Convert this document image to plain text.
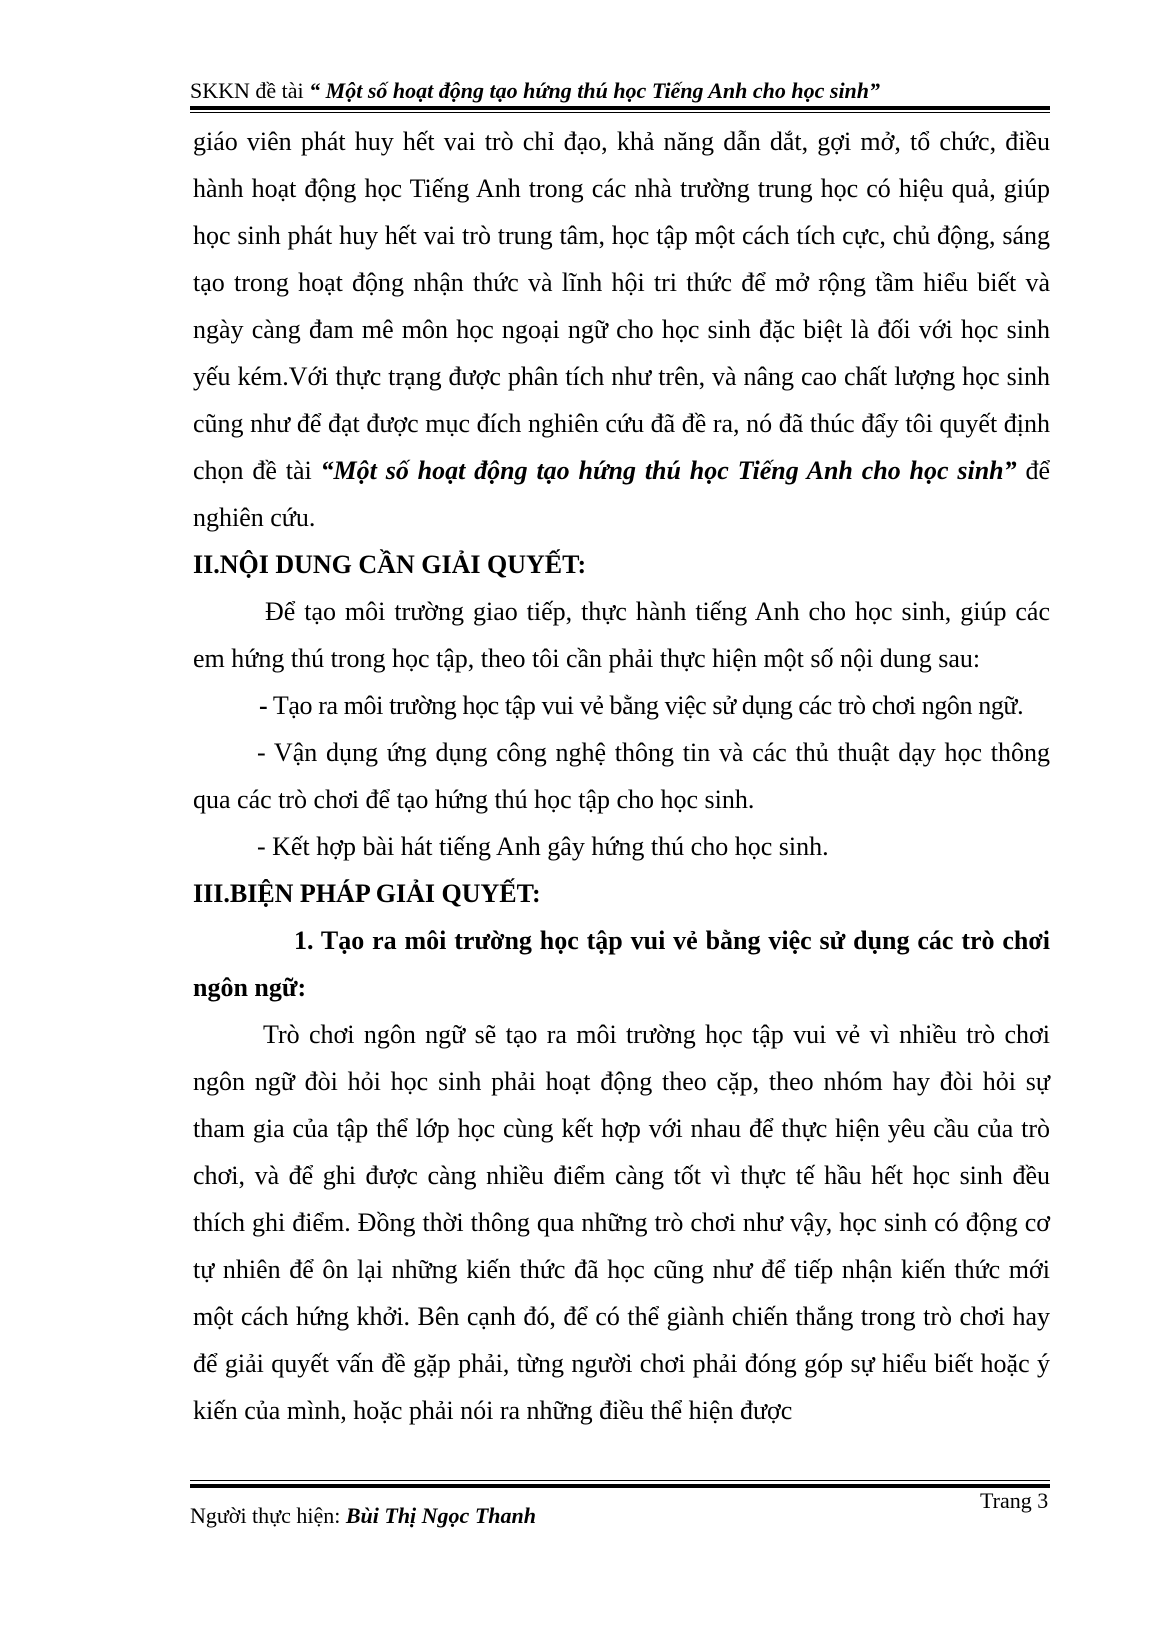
SKKN đề tài “ Một số hoạt động tạo hứng thú học Tiếng Anh cho học sinh”

giáo viên phát huy hết vai trò chỉ đạo, khả năng dẫn dắt, gợi mở, tổ chức, điều hành hoạt động học Tiếng Anh trong các nhà trường trung học có hiệu quả, giúp học sinh phát huy hết vai trò trung tâm, học tập một cách tích cực, chủ động, sáng tạo trong hoạt động nhận thức và lĩnh hội tri thức để mở rộng tầm hiểu biết và ngày càng đam mê môn học ngoại ngữ cho học sinh đặc biệt là đối với học sinh yếu kém.Với thực trạng được phân tích như trên, và nâng cao chất lượng học sinh cũng như để đạt được mục đích nghiên cứu đã đề ra, nó đã thúc đẩy tôi quyết định chọn đề tài “Một số hoạt động tạo hứng thú học Tiếng Anh cho học sinh” để nghiên cứu.

II.NỘI DUNG CẦN GIẢI QUYẾT:

Để tạo môi trường giao tiếp, thực hành tiếng Anh cho học sinh, giúp các em hứng thú trong học tập, theo tôi cần phải thực hiện một số nội dung sau:

- Tạo ra môi trường học tập vui vẻ bằng việc sử dụng các trò chơi ngôn ngữ.

- Vận dụng ứng dụng công nghệ thông tin và các thủ thuật dạy học thông qua các trò chơi để tạo hứng thú học tập cho học sinh.

- Kết hợp bài hát tiếng Anh gây hứng thú cho học sinh.

III.BIỆN PHÁP GIẢI QUYẾT:

1. Tạo ra môi trường học tập vui vẻ bằng việc sử dụng các trò chơi ngôn ngữ:

Trò chơi ngôn ngữ sẽ tạo ra môi trường học tập vui vẻ vì nhiều trò chơi ngôn ngữ đòi hỏi học sinh phải hoạt động theo cặp, theo nhóm hay đòi hỏi sự tham gia của tập thể lớp học cùng kết hợp với nhau để thực hiện yêu cầu của trò chơi, và để ghi được càng nhiều điểm càng tốt vì thực tế hầu hết học sinh đều thích ghi điểm. Đồng thời thông qua những trò chơi như vậy, học sinh có động cơ tự nhiên để ôn lại những kiến thức đã học cũng như để tiếp nhận kiến thức mới một cách hứng khởi. Bên cạnh đó, để có thể giành chiến thắng trong trò chơi hay để giải quyết vấn đề gặp phải, từng người chơi phải đóng góp sự hiểu biết hoặc ý kiến của mình, hoặc phải nói ra những điều thể hiện được

Người thực hiện: Bùi Thị Ngọc Thanh
Trang 3
